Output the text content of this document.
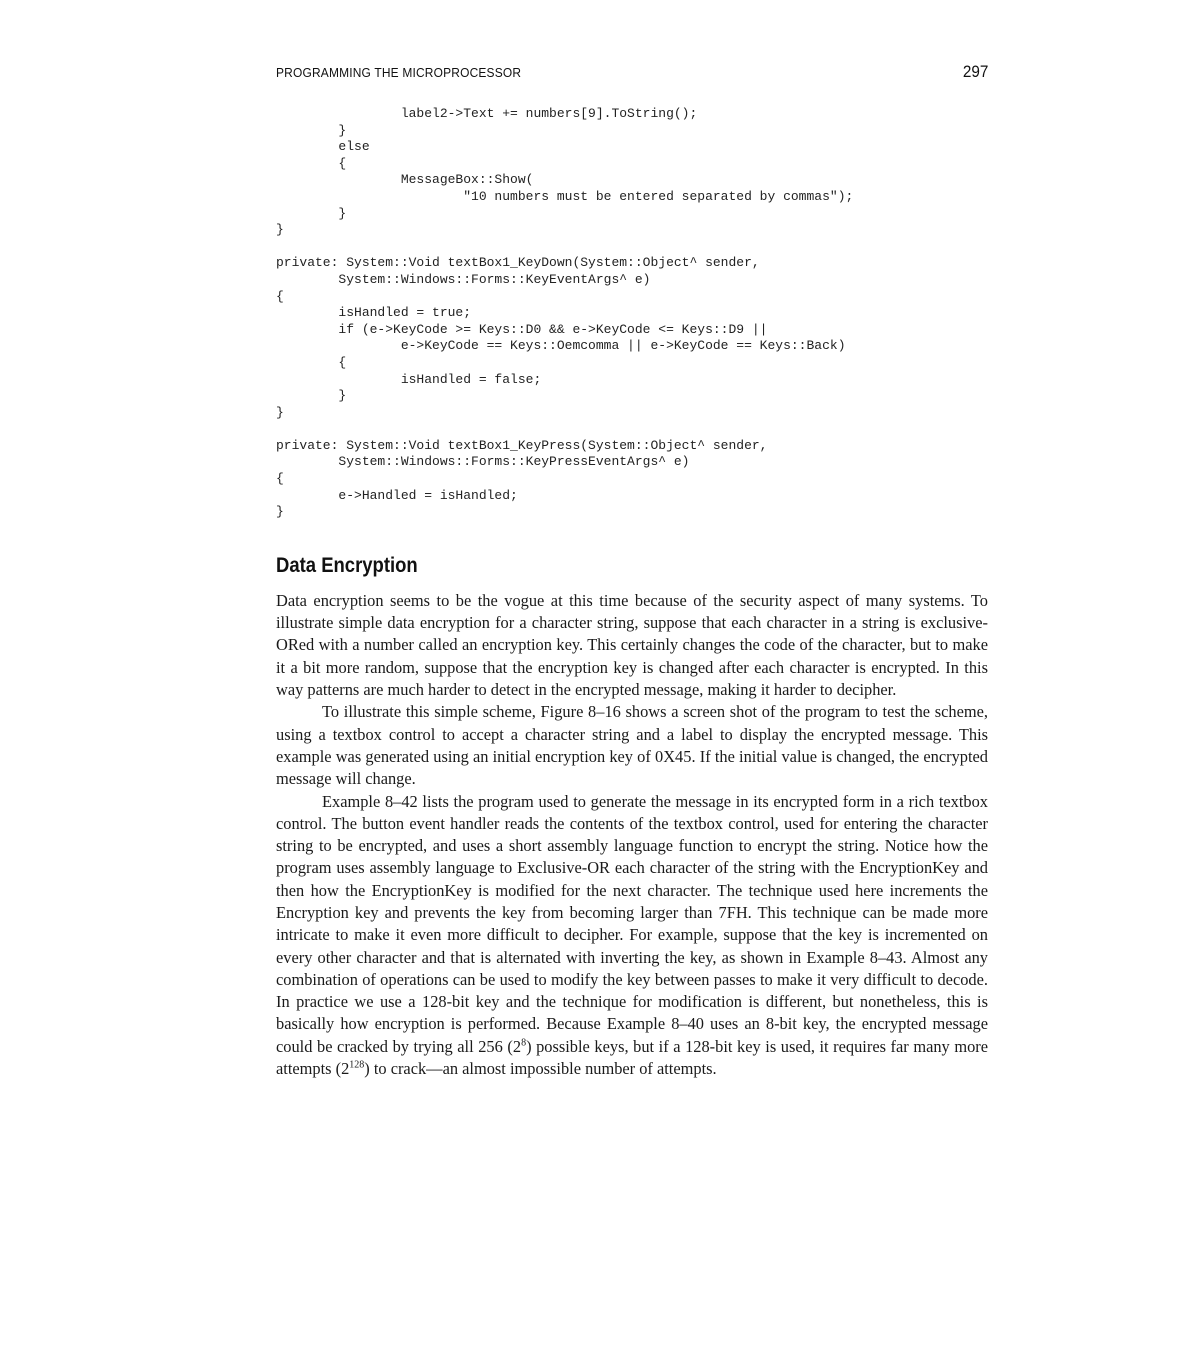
PROGRAMMING THE MICROPROCESSOR	297
label2->Text += numbers[9].ToString();
}
else
{
MessageBox::Show(
"10 numbers must be entered separated by commas");
}
}
private: System::Void textBox1_KeyDown(System::Object^ sender,
System::Windows::Forms::KeyEventArgs^ e)
{
isHandled = true;
if (e->KeyCode >= Keys::D0 && e->KeyCode <= Keys::D9 ||
e->KeyCode == Keys::Oemcomma || e->KeyCode == Keys::Back)
{
isHandled = false;
}
}
private: System::Void textBox1_KeyPress(System::Object^ sender,
System::Windows::Forms::KeyPressEventArgs^ e)
{
e->Handled = isHandled;
}
Data Encryption

Data encryption seems to be the vogue at this time because of the security aspect of many systems. To illustrate simple data encryption for a character string, suppose that each character in a string is exclusive-ORed with a number called an encryption key. This certainly changes the code of the character, but to make it a bit more random, suppose that the encryption key is changed after each character is encrypted. In this way patterns are much harder to detect in the encrypted message, making it harder to decipher.

To illustrate this simple scheme, Figure 8–16 shows a screen shot of the program to test the scheme, using a textbox control to accept a character string and a label to display the encrypted message. This example was generated using an initial encryption key of 0X45. If the initial value is changed, the encrypted message will change.

Example 8–42 lists the program used to generate the message in its encrypted form in a rich textbox control. The button event handler reads the contents of the textbox control, used for entering the character string to be encrypted, and uses a short assembly language function to encrypt the string. Notice how the program uses assembly language to Exclusive-OR each character of the string with the EncryptionKey and then how the EncryptionKey is modified for the next character. The technique used here increments the Encryption key and prevents the key from becoming larger than 7FH. This technique can be made more intricate to make it even more difficult to decipher. For example, suppose that the key is incremented on every other character and that is alternated with inverting the key, as shown in Example 8–43. Almost any combination of operations can be used to modify the key between passes to make it very difficult to decode. In practice we use a 128-bit key and the technique for modification is different, but nonetheless, this is basically how encryption is performed. Because Example 8–40 uses an 8-bit key, the encrypted message could be cracked by trying all 256 $(2^8)$ possible keys, but if a 128-bit key is used, it requires far many more attempts $(2^{128})$ to crack—an almost impossible number of attempts.
